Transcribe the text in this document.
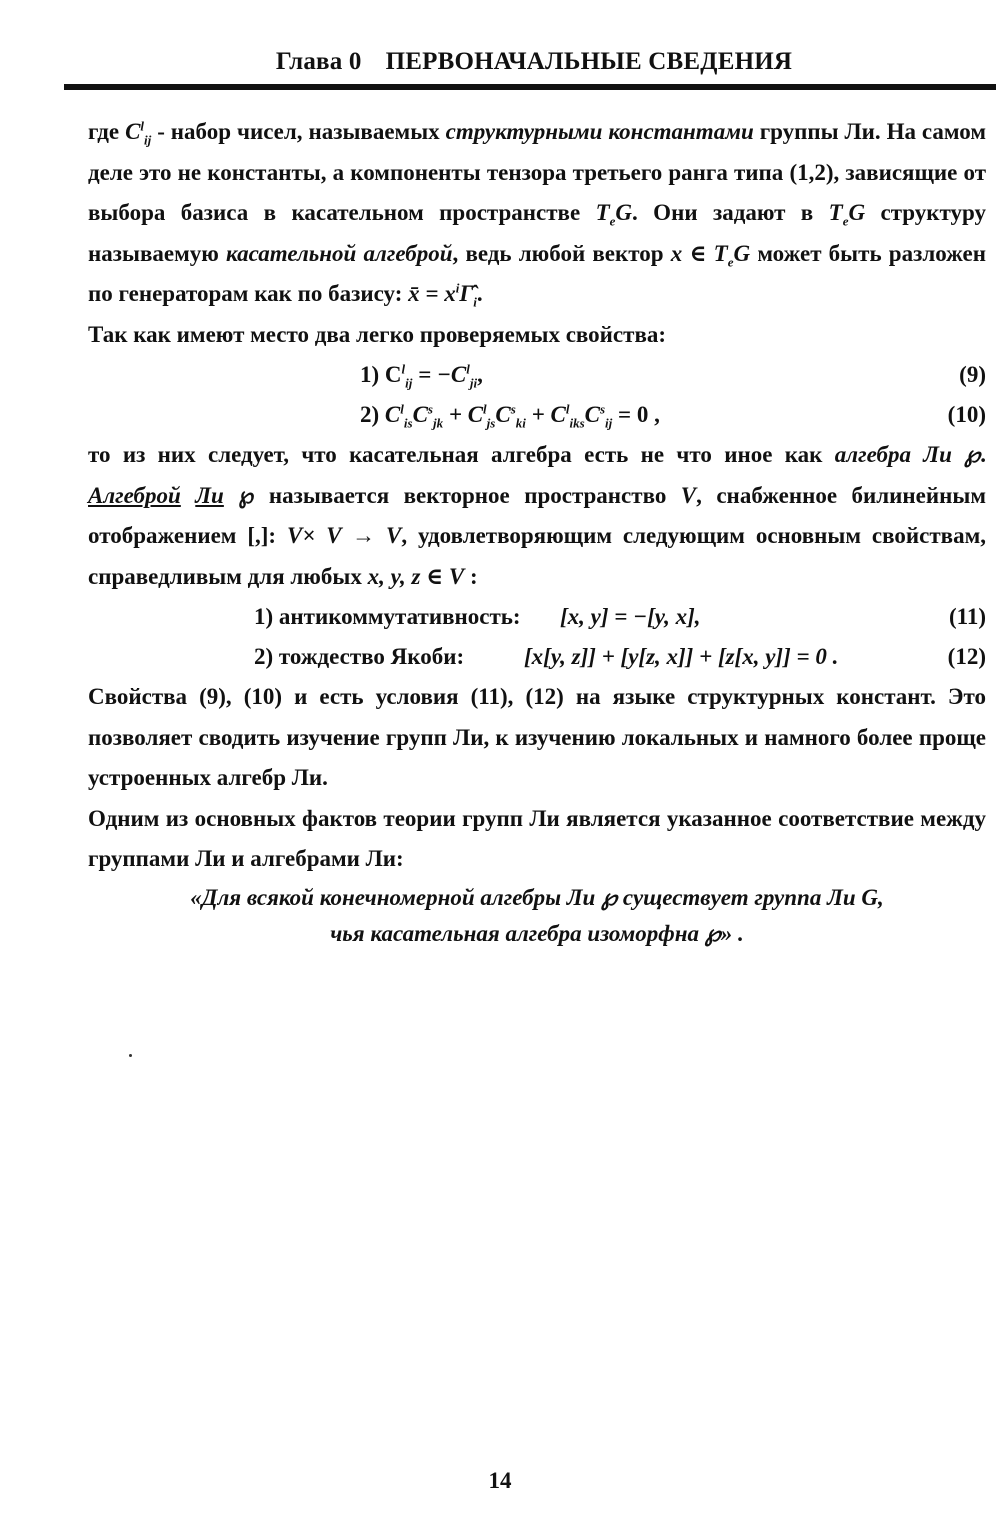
Глава 0 ПЕРВОНАЧАЛЬНЫЕ СВЕДЕНИЯ

где $C^l_{ij}$ - набор чисел, называемых структурными константами группы Ли. На самом деле это не константы, а компоненты тензора третьего ранга типа (1,2), зависящие от выбора базиса в касательном пространстве $T_eG$. Они задают в $T_eG$ структуру называемую касательной алгеброй, ведь любой вектор x ∈ $T_eG$ может быть разложен по генераторам как по базису: x̄ = $x^i\Gammâ_i$.

Так как имеют место два легко проверяемых свойства:

1) $C^l_{ij} = -C^l_{ji}$,	(9)
2) $C^l_{is}C^s_{jk} + C^l_{js}C^s_{ki} + C^l_{iks}C^s_{ij} = 0$ ,	(10)

то из них следует, что касательная алгебра есть не что иное как алгебра Ли ℘. Алгеброй Ли ℘ называется векторное пространство V, снабженное билинейным отображением [,]: V× V → V, удовлетворяющим следующим основным свойствам, справедливым для любых x, y, z ∈ V :

1) антикоммутативность: [x, y] = −[y, x],	(11)
2) тождество Якоби:	[x[y, z]] + [y[z, x]] + [z[x, y]] = 0 .	(12)

Свойства (9), (10) и есть условия (11), (12) на языке структурных констант. Это позволяет сводить изучение групп Ли, к изучению локальных и намного более проще устроенных алгебр Ли.

Одним из основных фактов теории групп Ли является указанное соответствие между группами Ли и алгебрами Ли:

«Для всякой конечномерной алгебры Ли ℘ существует группа Ли G,

чья касательная алгебра изоморфна ℘» .

14
